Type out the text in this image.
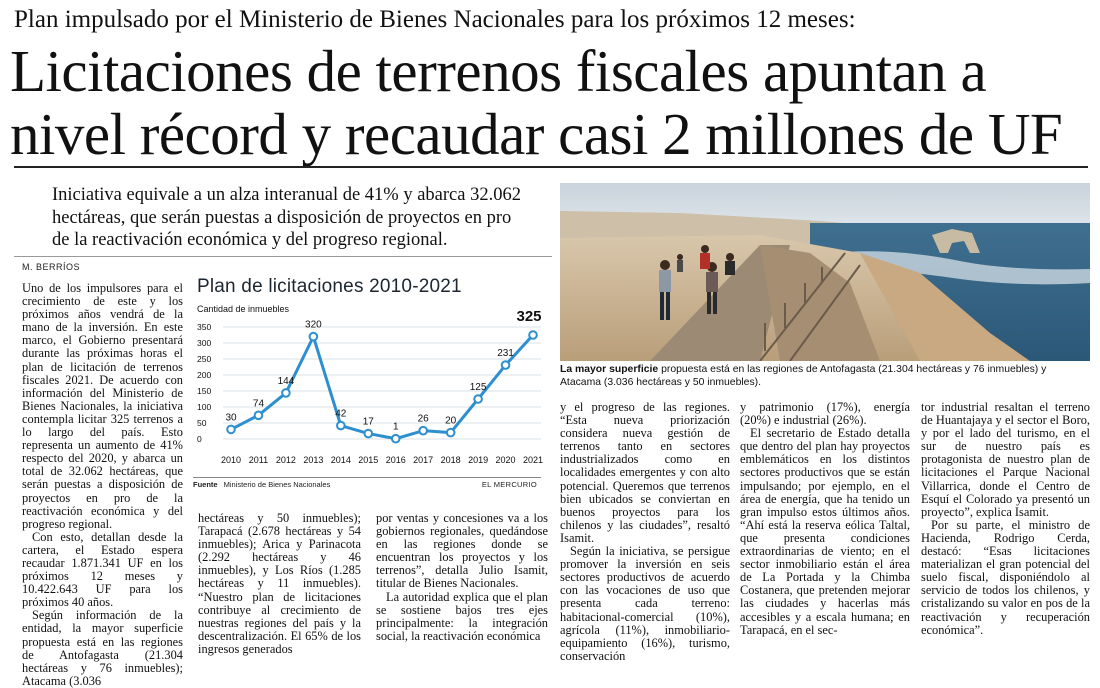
Plan impulsado por el Ministerio de Bienes Nacionales para los próximos 12 meses:
Licitaciones de terrenos fiscales apuntan a
nivel récord y recaudar casi 2 millones de UF
Iniciativa equivale a un alza interanual de 41% y abarca 32.062
hectáreas, que serán puestas a disposición de proyectos en pro
de la reactivación económica y del progreso regional.
M. BERRÍOS

Uno de los impulsores para el crecimiento de este y los próximos años vendrá de la mano de la inversión. En este marco, el Gobierno presentará durante las próximas horas el plan de licitación de terrenos fiscales 2021. De acuerdo con información del Ministerio de Bienes Nacionales, la iniciativa contempla licitar 325 terrenos a lo largo del país. Esto representa un aumento de 41% respecto del 2020, y abarca un total de 32.062 hectáreas, que serán puestas a disposición de proyectos en pro de la reactivación económica y del progreso regional.

Con esto, detallan desde la cartera, el Estado espera recaudar 1.871.341 UF en los próximos 12 meses y 10.422.643 UF para los próximos 40 años.

Según información de la entidad, la mayor superficie propuesta está en las regiones de Antofagasta (21.304 hectáreas y 76 inmuebles); Atacama (3.036

Plan de licitaciones 2010-2021
Cantidad de inmuebles
0
50
100
150
200
250
300
350
2010 2011 2012 2013 2014 2015 2016 2017 2018 2019 2020 2021
30
74
144
320
42
17 1
26 20
125
231
325
Fuente Ministerio de Bienes Nacionales	EL MERCURIO

hectáreas y 50 inmuebles); Tarapacá (2.678 hectáreas y 54 inmuebles); Arica y Parinacota (2.292 hectáreas y 46 inmuebles), y Los Ríos (1.285 hectáreas y 11 inmuebles). “Nuestro plan de licitaciones contribuye al crecimiento de nuestras regiones del país y la descentralización. El 65% de los ingresos generados

por ventas y concesiones va a los gobiernos regionales, quedándose en las regiones donde se encuentran los proyectos y los terrenos”, detalla Julio Isamit, titular de Bienes Nacionales.

La autoridad explica que el plan se sostiene bajos tres ejes principalmente: la integración social, la reactivación económica

La mayor superficie propuesta está en las regiones de Antofagasta (21.304 hectáreas y 76 inmuebles) y Atacama (3.036 hectáreas y 50 inmuebles).

y el progreso de las regiones. “Esta nueva priorización considera nueva gestión de terrenos tanto en sectores industrializados como en localidades emergentes y con alto potencial. Queremos que terrenos bien ubicados se conviertan en buenos proyectos para los chilenos y las ciudades”, resaltó Isamit.

Según la iniciativa, se persigue promover la inversión en seis sectores productivos de acuerdo con las vocaciones de uso que presenta cada terreno: habitacional-comercial (10%), agrícola (11%), inmobiliario-equipamiento (16%), turismo, conservación

y patrimonio (17%), energía (20%) e industrial (26%).

El secretario de Estado detalla que dentro del plan hay proyectos emblemáticos en los distintos sectores productivos que se están impulsando; por ejemplo, en el área de energía, que ha tenido un gran impulso estos últimos años. “Ahí está la reserva eólica Taltal, que presenta condiciones extraordinarias de viento; en el sector inmobiliario están el área de La Portada y la Chimba Costanera, que pretenden mejorar las ciudades y hacerlas más accesibles y a escala humana; en Tarapacá, en el sec-

tor industrial resaltan el terreno de Huantajaya y el sector el Boro, y por el lado del turismo, en el sur de nuestro país es protagonista de nuestro plan de licitaciones el Parque Nacional Villarrica, donde el Centro de Esquí el Colorado ya presentó un proyecto”, explica Isamit.

Por su parte, el ministro de Hacienda, Rodrigo Cerda, destacó: “Esas licitaciones materializan el gran potencial del suelo fiscal, disponiéndolo al servicio de todos los chilenos, y cristalizando su valor en pos de la reactivación y recuperación económica”.
